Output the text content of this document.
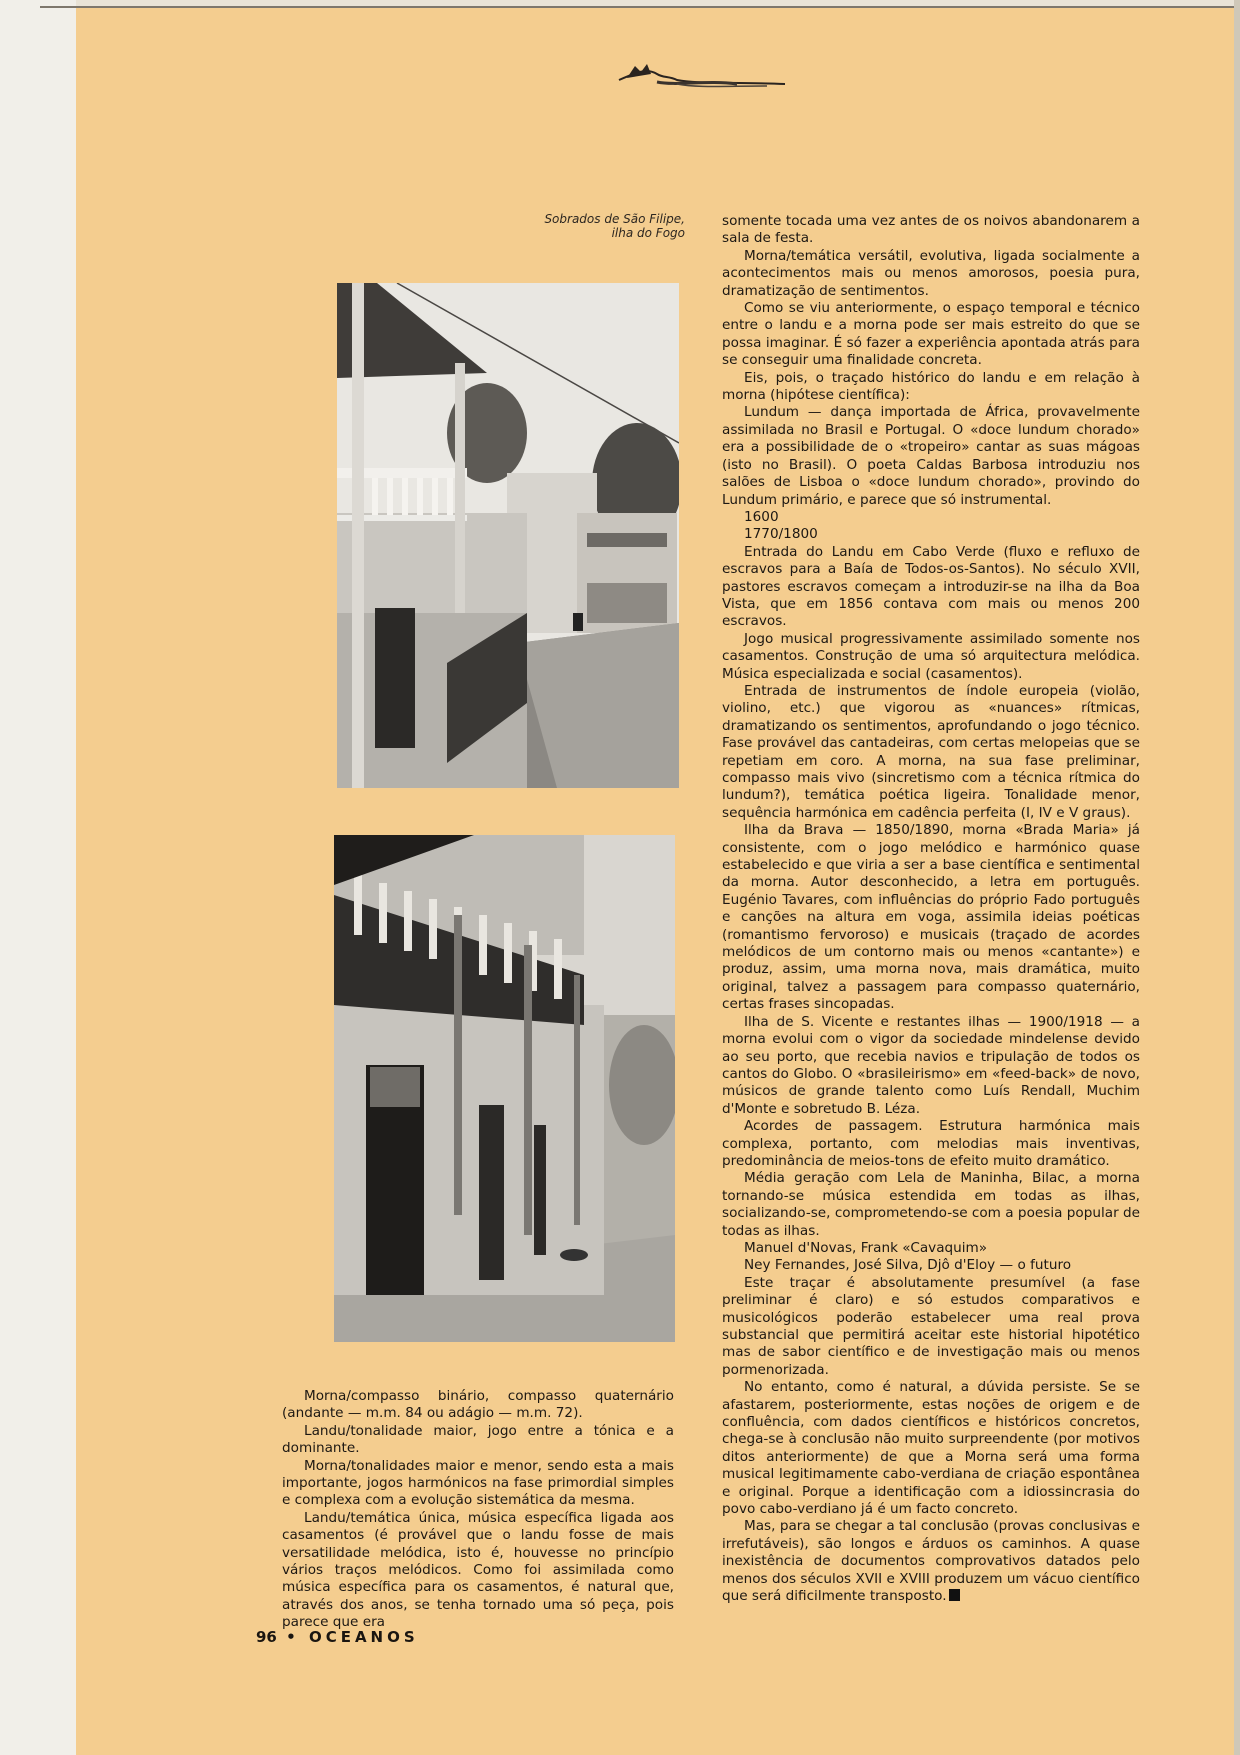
Sobrados de São Filipe,
ilha do Fogo

somente tocada uma vez antes de os noivos abandonarem a sala de festa.

Morna/temática versátil, evolutiva, ligada socialmente a acontecimentos mais ou menos amorosos, poesia pura, dramatização de sentimentos.

Como se viu anteriormente, o espaço temporal e técnico entre o landu e a morna pode ser mais estreito do que se possa imaginar. É só fazer a experiência apontada atrás para se conseguir uma finalidade concreta.

Eis, pois, o traçado histórico do landu e em relação à morna (hipótese científica):

Lundum — dança importada de África, provavelmente assimilada no Brasil e Portugal. O «doce lundum chorado» era a possibilidade de o «tropeiro» cantar as suas mágoas (isto no Brasil). O poeta Caldas Barbosa introduziu nos salões de Lisboa o «doce lundum chorado», provindo do Lundum primário, e parece que só instrumental.

1600

1770/1800

Entrada do Landu em Cabo Verde (fluxo e refluxo de escravos para a Baía de Todos-os-Santos). No século XVII, pastores escravos começam a introduzir-se na ilha da Boa Vista, que em 1856 contava com mais ou menos 200 escravos.

Jogo musical progressivamente assimilado somente nos casamentos. Construção de uma só arquitectura melódica. Música especializada e social (casamentos).

Entrada de instrumentos de índole europeia (violão, violino, etc.) que vigorou as «nuances» rítmicas, dramatizando os sentimentos, aprofundando o jogo técnico. Fase provável das cantadeiras, com certas melopeias que se repetiam em coro. A morna, na sua fase preliminar, compasso mais vivo (sincretismo com a técnica rítmica do lundum?), temática poética ligeira. Tonalidade menor, sequência harmónica em cadência perfeita (I, IV e V graus).

Ilha da Brava — 1850/1890, morna «Brada Maria» já consistente, com o jogo melódico e harmónico quase estabelecido e que viria a ser a base científica e sentimental da morna. Autor desconhecido, a letra em português. Eugénio Tavares, com influências do próprio Fado português e canções na altura em voga, assimila ideias poéticas (romantismo fervoroso) e musicais (traçado de acordes melódicos de um contorno mais ou menos «cantante») e produz, assim, uma morna nova, mais dramática, muito original, talvez a passagem para compasso quaternário, certas frases sincopadas.

Ilha de S. Vicente e restantes ilhas — 1900/1918 — a morna evolui com o vigor da sociedade mindelense devido ao seu porto, que recebia navios e tripulação de todos os cantos do Globo. O «brasileirismo» em «feed-back» de novo, músicos de grande talento como Luís Rendall, Muchim d'Monte e sobretudo B. Léza.

Acordes de passagem. Estrutura harmónica mais complexa, portanto, com melodias mais inventivas, predominância de meios-tons de efeito muito dramático.

Média geração com Lela de Maninha, Bilac, a morna tornando-se música estendida em todas as ilhas, socializando-se, comprometendo-se com a poesia popular de todas as ilhas.

Manuel d'Novas, Frank «Cavaquim»

Ney Fernandes, José Silva, Djô d'Eloy — o futuro

Este traçar é absolutamente presumível (a fase preliminar é claro) e só estudos comparativos e musicológicos poderão estabelecer uma real prova substancial que permitirá aceitar este historial hipotético mas de sabor científico e de investigação mais ou menos pormenorizada.

No entanto, como é natural, a dúvida persiste. Se se afastarem, posteriormente, estas noções de origem e de confluência, com dados científicos e históricos concretos, chega-se à conclusão não muito surpreendente (por motivos ditos anteriormente) de que a Morna será uma forma musical legitimamente cabo-verdiana de criação espontânea e original. Porque a identificação com a idiossincrasia do povo cabo-verdiano já é um facto concreto.

Mas, para se chegar a tal conclusão (provas conclusivas e irrefutáveis), são longos e árduos os caminhos. A quase inexistência de documentos comprovativos datados pelo menos dos séculos XVII e XVIII produzem um vácuo científico que será dificilmente transposto.

Morna/compasso binário, compasso quaternário (andante — m.m. 84 ou adágio — m.m. 72).

Landu/tonalidade maior, jogo entre a tónica e a dominante.

Morna/tonalidades maior e menor, sendo esta a mais importante, jogos harmónicos na fase primordial simples e complexa com a evolução sistemática da mesma.

Landu/temática única, música específica ligada aos casamentos (é provável que o landu fosse de mais versatilidade melódica, isto é, houvesse no princípio vários traços melódicos. Como foi assimilada como música específica para os casamentos, é natural que, através dos anos, se tenha tornado uma só peça, pois parece que era

96 • OCEANOS
